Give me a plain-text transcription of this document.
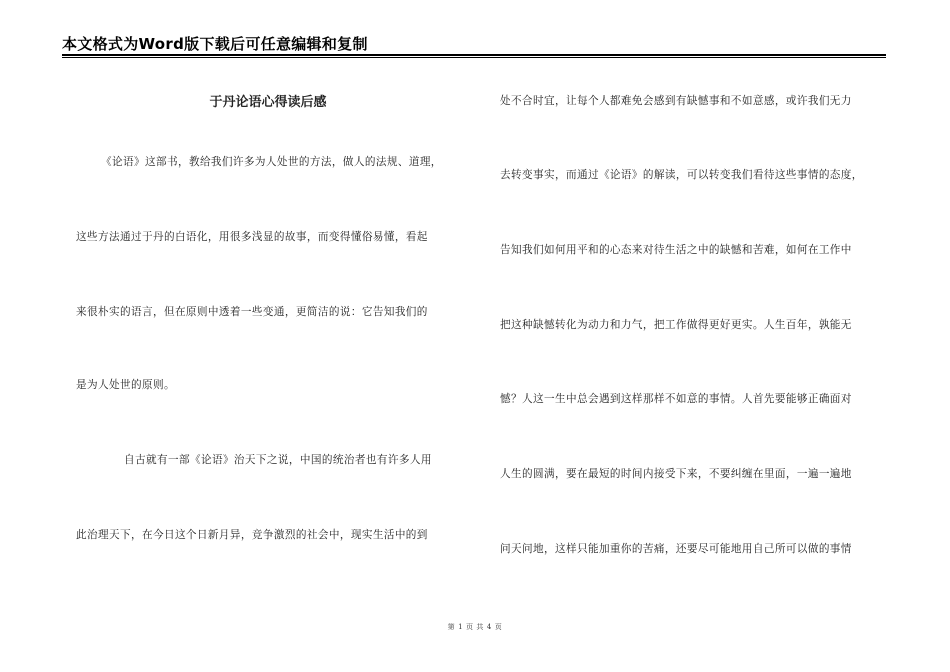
本文格式为Word版下载后可任意编辑和复制
于丹论语心得读后感
《论语》这部书，教给我们许多为人处世的方法，做人的法规、道理，
这些方法通过于丹的白语化，用很多浅显的故事，而变得懂俗易懂，看起
来很朴实的语言，但在原则中透着一些变通，更简洁的说：它告知我们的
是为人处世的原则。
自古就有一部《论语》治天下之说，中国的统治者也有许多人用
此治理天下，在今日这个日新月异，竞争激烈的社会中，现实生活中的到
处不合时宜，让每个人都难免会感到有缺憾事和不如意感，或许我们无力
去转变事实，而通过《论语》的解读，可以转变我们看待这些事情的态度，
告知我们如何用平和的心态来对待生活之中的缺憾和苦难，如何在工作中
把这种缺憾转化为动力和力气，把工作做得更好更实。人生百年，孰能无
憾？人这一生中总会遇到这样那样不如意的事情。人首先要能够正确面对
人生的圆满，要在最短的时间内接受下来，不要纠缠在里面，一遍一遍地
问天问地，这样只能加重你的苦痛，还要尽可能地用自己所可以做的事情
第 1 页 共 4 页
